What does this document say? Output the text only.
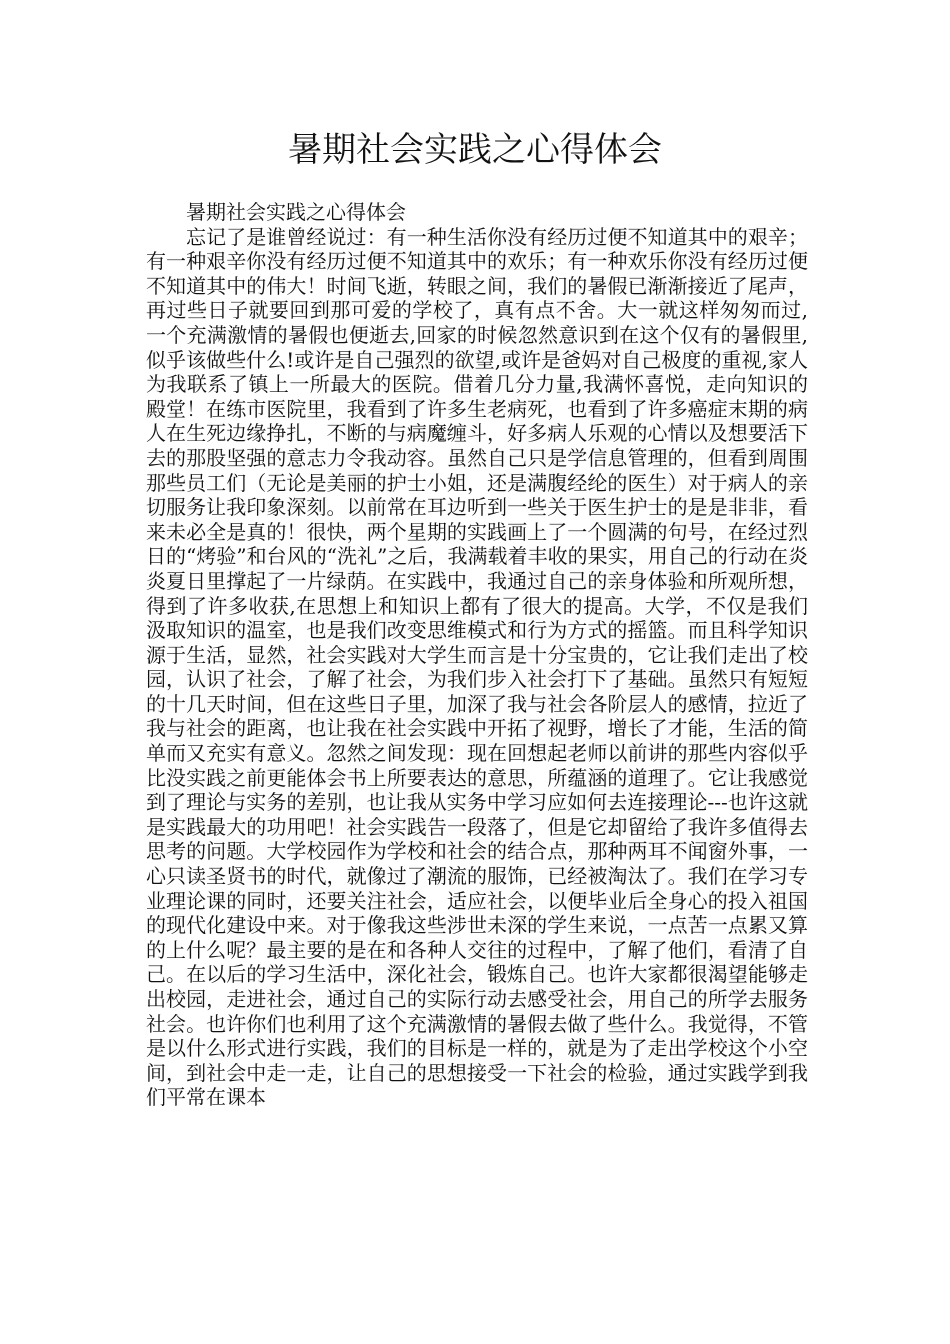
暑期社会实践之心得体会

暑期社会实践之心得体会

忘记了是谁曾经说过：有一种生活你没有经历过便不知道其中的艰辛；有一种艰辛你没有经历过便不知道其中的欢乐；有一种欢乐你没有经历过便不知道其中的伟大！时间飞逝，转眼之间，我们的暑假已渐渐接近了尾声，再过些日子就要回到那可爱的学校了，真有点不舍。大一就这样匆匆而过,一个充满激情的暑假也便逝去,回家的时候忽然意识到在这个仅有的暑假里,似乎该做些什么!或许是自己强烈的欲望,或许是爸妈对自己极度的重视,家人为我联系了镇上一所最大的医院。借着几分力量,我满怀喜悦，走向知识的殿堂！在练市医院里，我看到了许多生老病死，也看到了许多癌症末期的病人在生死边缘挣扎，不断的与病魔缠斗，好多病人乐观的心情以及想要活下去的那股坚强的意志力令我动容。虽然自己只是学信息管理的，但看到周围那些员工们（无论是美丽的护士小姐，还是满腹经纶的医生）对于病人的亲切服务让我印象深刻。以前常在耳边听到一些关于医生护士的是是非非，看来未必全是真的！很快，两个星期的实践画上了一个圆满的句号，在经过烈日的“烤验”和台风的“洗礼”之后，我满载着丰收的果实，用自己的行动在炎炎夏日里撑起了一片绿荫。在实践中，我通过自己的亲身体验和所观所想，得到了许多收获,在思想上和知识上都有了很大的提高。大学，不仅是我们汲取知识的温室，也是我们改变思维模式和行为方式的摇篮。而且科学知识源于生活，显然，社会实践对大学生而言是十分宝贵的，它让我们走出了校园，认识了社会，了解了社会，为我们步入社会打下了基础。虽然只有短短的十几天时间，但在这些日子里，加深了我与社会各阶层人的感情，拉近了我与社会的距离，也让我在社会实践中开拓了视野，增长了才能，生活的简单而又充实有意义。忽然之间发现：现在回想起老师以前讲的那些内容似乎比没实践之前更能体会书上所要表达的意思，所蕴涵的道理了。它让我感觉到了理论与实务的差别，也让我从实务中学习应如何去连接理论---也许这就是实践最大的功用吧！社会实践告一段落了，但是它却留给了我许多值得去思考的问题。大学校园作为学校和社会的结合点，那种两耳不闻窗外事，一心只读圣贤书的时代，就像过了潮流的服饰，已经被淘汰了。我们在学习专业理论课的同时，还要关注社会，适应社会，以便毕业后全身心的投入祖国的现代化建设中来。对于像我这些涉世未深的学生来说，一点苦一点累又算的上什么呢？最主要的是在和各种人交往的过程中，了解了他们，看清了自己。在以后的学习生活中，深化社会，锻炼自己。也许大家都很渴望能够走出校园，走进社会，通过自己的实际行动去感受社会，用自己的所学去服务社会。也许你们也利用了这个充满激情的暑假去做了些什么。我觉得，不管是以什么形式进行实践，我们的目标是一样的，就是为了走出学校这个小空间，到社会中走一走，让自己的思想接受一下社会的检验，通过实践学到我们平常在课本
